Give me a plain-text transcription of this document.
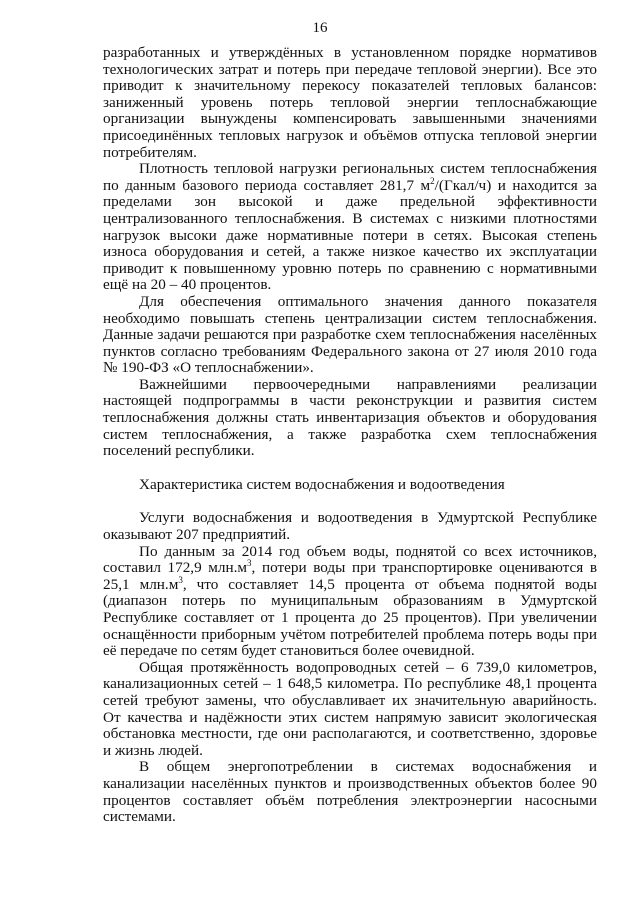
16

разработанных и утверждённых в установленном порядке нормативов технологических затрат и потерь при передаче тепловой энергии). Все это приводит к значительному перекосу показателей тепловых балансов: заниженный уровень потерь тепловой энергии теплоснабжающие организации вынуждены компенсировать завышенными значениями присоединённых тепловых нагрузок и объёмов отпуска тепловой энергии потребителям.

Плотность тепловой нагрузки региональных систем теплоснабжения по данным базового периода составляет 281,7 $м^2/(Гкал/ч)$ и находится за пределами зон высокой и даже предельной эффективности централизованного теплоснабжения. В системах с низкими плотностями нагрузок высоки даже нормативные потери в сетях. Высокая степень износа оборудования и сетей, а также низкое качество их эксплуатации приводит к повышенному уровню потерь по сравнению с нормативными ещё на 20 – 40 процентов.

Для обеспечения оптимального значения данного показателя необходимо повышать степень централизации систем теплоснабжения. Данные задачи решаются при разработке схем теплоснабжения населённых пунктов согласно требованиям Федерального закона от 27 июля 2010 года № 190-ФЗ «О теплоснабжении».

Важнейшими первоочередными направлениями реализации настоящей подпрограммы в части реконструкции и развития систем теплоснабжения должны стать инвентаризация объектов и оборудования систем теплоснабжения, а также разработка схем теплоснабжения поселений республики.

Характеристика систем водоснабжения и водоотведения

Услуги водоснабжения и водоотведения в Удмуртской Республике оказывают 207 предприятий.

По данным за 2014 год объем воды, поднятой со всех источников, составил 172,9 $млн.м^3$, потери воды при транспортировке оцениваются в 25,1 $млн.м^3$, что составляет 14,5 процента от объема поднятой воды (диапазон потерь по муниципальным образованиям в Удмуртской Республике составляет от 1 процента до 25 процентов). При увеличении оснащённости приборным учётом потребителей проблема потерь воды при её передаче по сетям будет становиться более очевидной.

Общая протяжённость водопроводных сетей – 6 739,0 километров, канализационных сетей – 1 648,5 километра. По республике 48,1 процента сетей требуют замены, что обуславливает их значительную аварийность. От качества и надёжности этих систем напрямую зависит экологическая обстановка местности, где они располагаются, и соответственно, здоровье и жизнь людей.

В общем энергопотреблении в системах водоснабжения и канализации населённых пунктов и производственных объектов более 90 процентов составляет объём потребления электроэнергии насосными системами.
